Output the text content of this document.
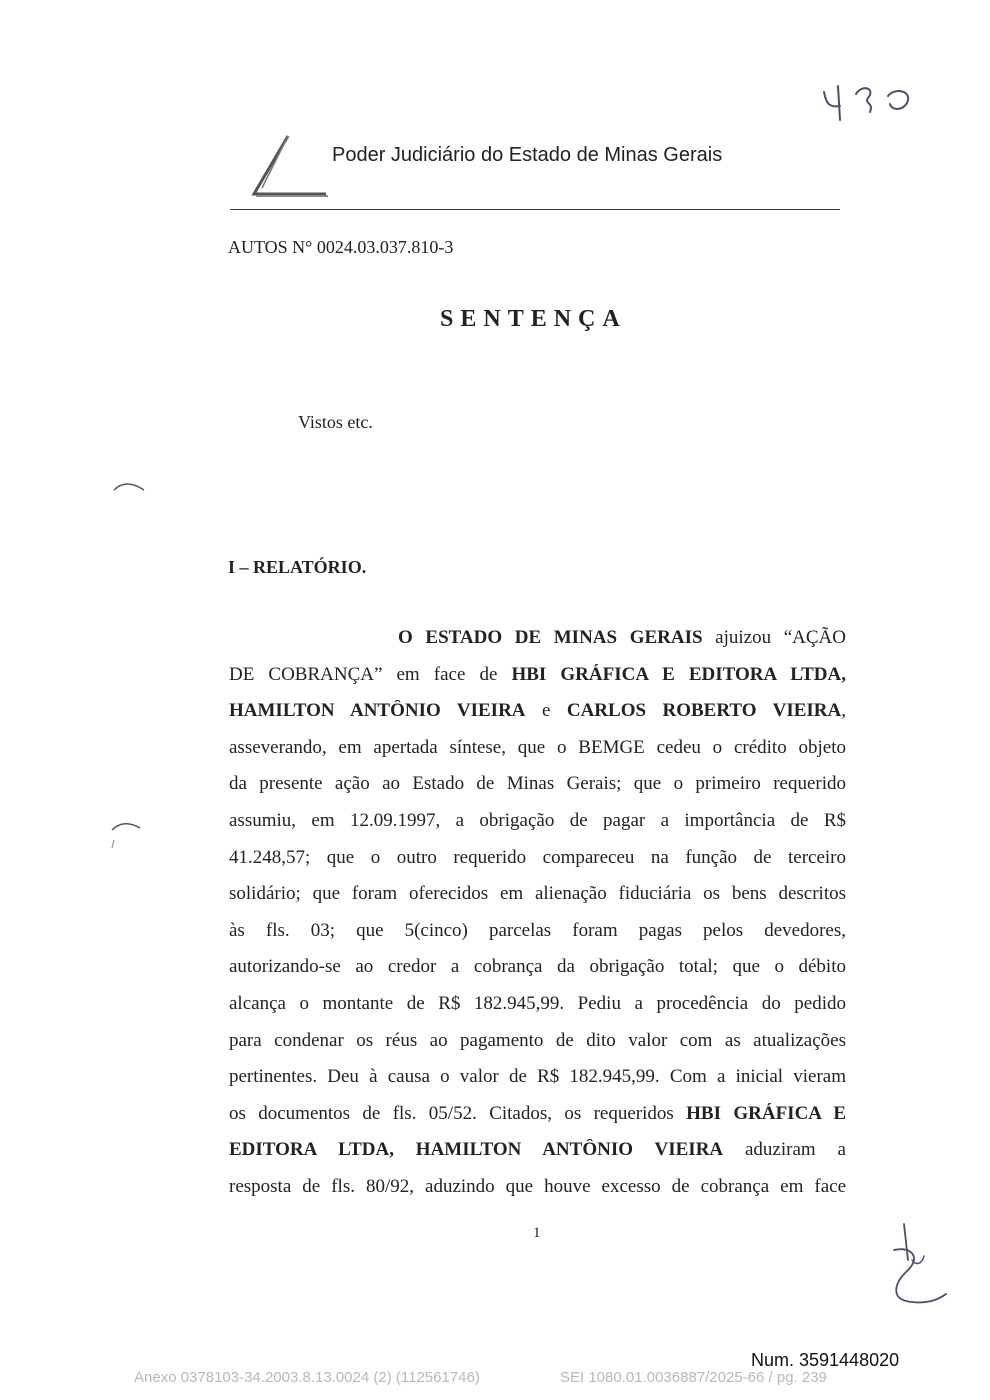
Poder Judiciário do Estado de Minas Gerais
AUTOS N° 0024.03.037.810-3
SENTENÇA
Vistos etc.
I – RELATÓRIO.
O ESTADO DE MINAS GERAIS ajuizou “AÇÃO
DE COBRANÇA” em face de HBI GRÁFICA E EDITORA LTDA,
HAMILTON ANTÔNIO VIEIRA e CARLOS ROBERTO VIEIRA,
asseverando, em apertada síntese, que o BEMGE cedeu o crédito objeto
da presente ação ao Estado de Minas Gerais; que o primeiro requerido
assumiu, em 12.09.1997, a obrigação de pagar a importância de R$
41.248,57; que o outro requerido compareceu na função de terceiro
solidário; que foram oferecidos em alienação fiduciária os bens descritos
às fls. 03; que 5(cinco) parcelas foram pagas pelos devedores,
autorizando-se ao credor a cobrança da obrigação total; que o débito
alcança o montante de R$ 182.945,99. Pediu a procedência do pedido
para condenar os réus ao pagamento de dito valor com as atualizações
pertinentes. Deu à causa o valor de R$ 182.945,99. Com a inicial vieram
os documentos de fls. 05/52. Citados, os requeridos HBI GRÁFICA E
EDITORA LTDA, HAMILTON ANTÔNIO VIEIRA aduziram a
resposta de fls. 80/92, aduzindo que houve excesso de cobrança em face
1
Num. 3591448020
Anexo 0378103-34.2003.8.13.0024 (2) (112561746)	SEI 1080.01.0036887/2025-66 / pg. 239
